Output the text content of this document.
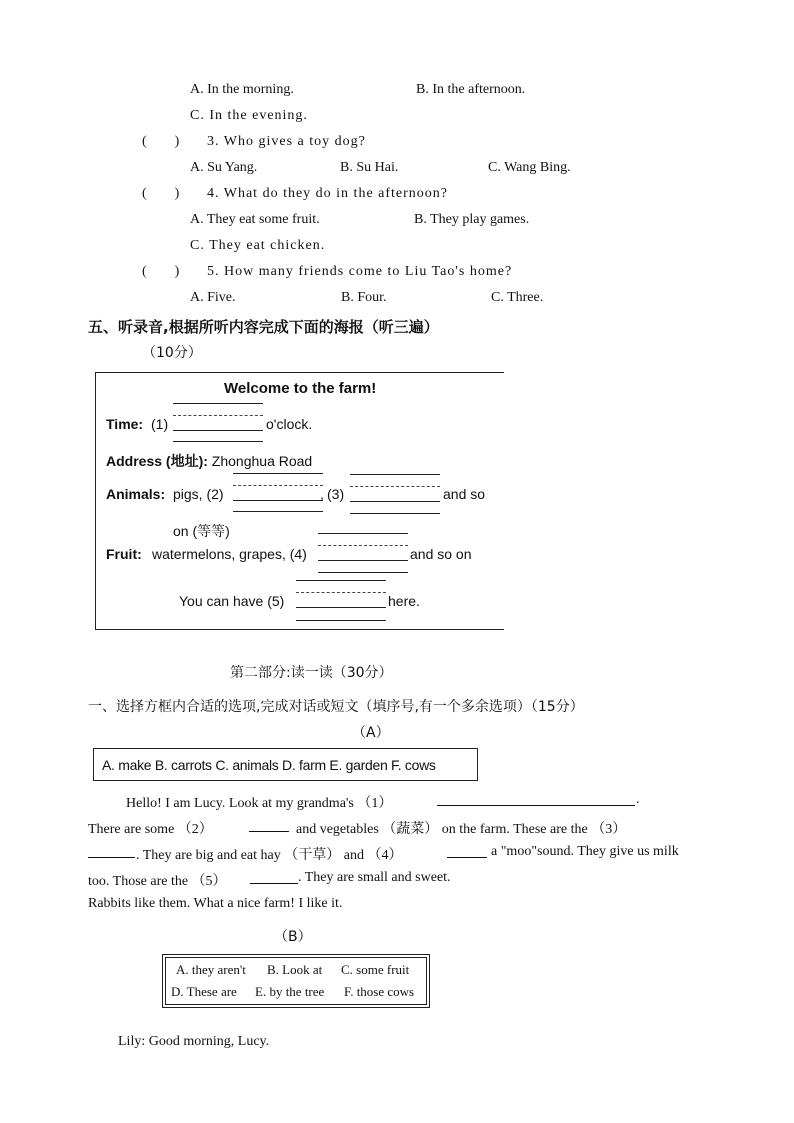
A. In the morning.	B. In the afternoon.
C. In the evening.
(      ) 3. Who gives a toy dog?
A. Su Yang.	B. Su Hai.	C. Wang Bing.
(      ) 4. What do they do in the afternoon?
A. They eat some fruit.	B. They play games.
C. They eat chicken.
(      ) 5. How many friends come to Liu Tao's home?
A. Five.	B. Four.	C. Three.
五、听录音,根据所听内容完成下面的海报（听三遍）
（10分）
Welcome to the farm!
Time: (1)	o'clock.
Address (地址): Zhonghua Road
Animals: pigs, (2)	, (3)	and so
on (等等)
Fruit: watermelons, grapes, (4)	and so on
You can have (5)	here.
第二部分:读一读（30分）
一、选择方框内合适的选项,完成对话或短文（填序号,有一个多余选项）（15分）
（A）
A. make B. carrots C. animals D. farm E. garden F. cows
Hello! I am Lucy. Look at my grandma's （1）	.
There are some （2）	and vegetables （蔬菜） on the farm. These are the （3）
. They are big and eat hay （干草） and （4）	a "moo"sound. They give us milk
too. Those are the （5）	. They are small and sweet.
Rabbits like them. What a nice farm! I like it.
（B）
A. they aren't B. Look at C. some fruit
D. These are E. by the tree F. those cows
Lily: Good morning, Lucy.
